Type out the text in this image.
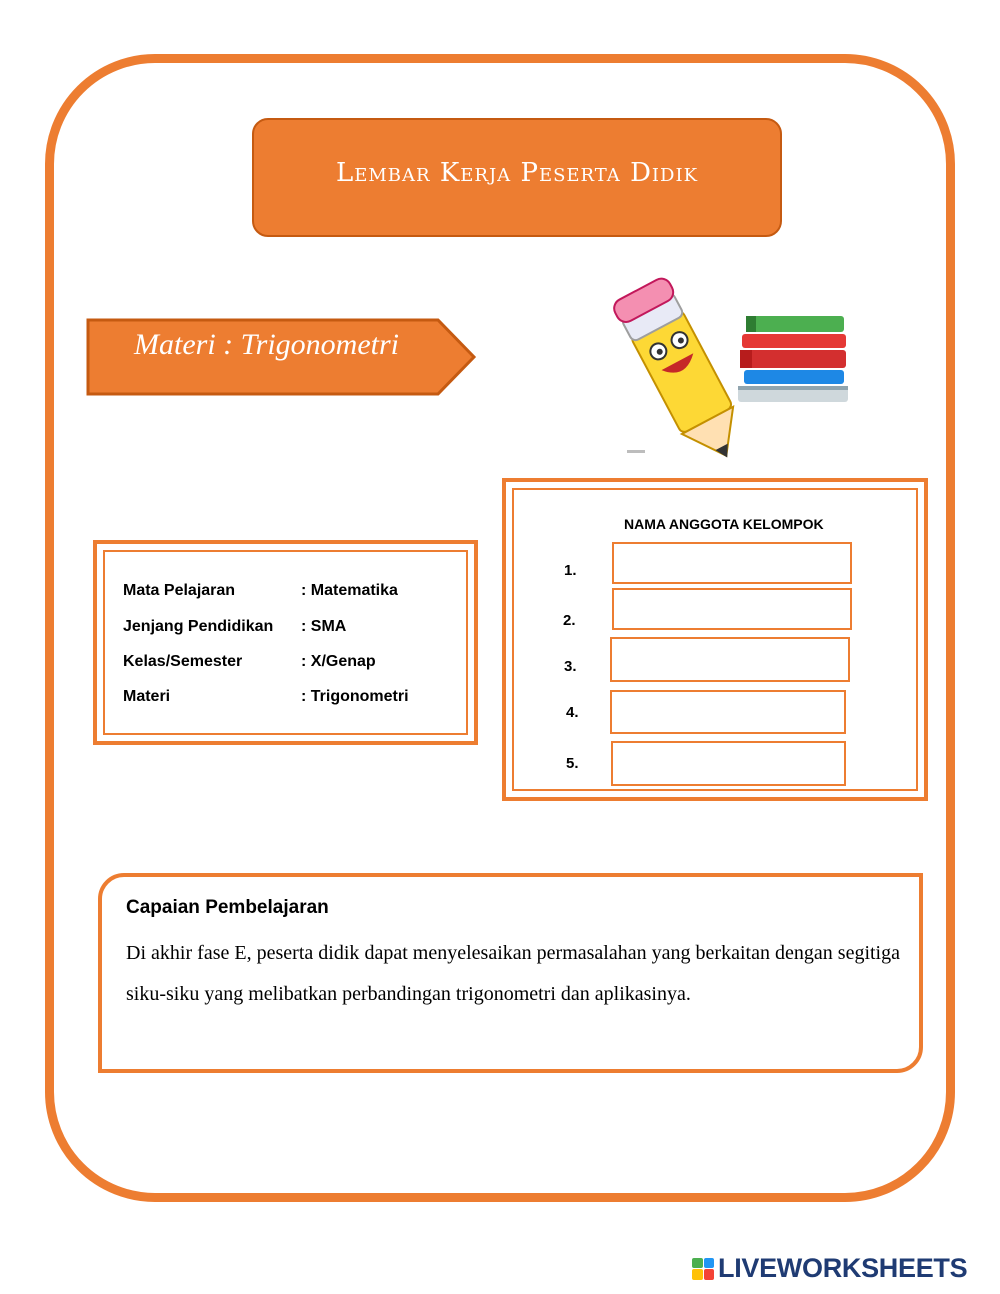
Lembar Kerja Peserta Didik
Materi : Trigonometri
Mata Pelajaran	: Matematika
Jenjang Pendidikan	: SMA
Kelas/Semester	: X/Genap
Materi	: Trigonometri
NAMA ANGGOTA KELOMPOK
1.
2.
3.
4.
5.
Capaian Pembelajaran
Di akhir fase E, peserta didik dapat menyelesaikan permasalahan yang berkaitan dengan segitiga siku-siku yang melibatkan perbandingan trigonometri dan aplikasinya.
LIVEWORKSHEETS
